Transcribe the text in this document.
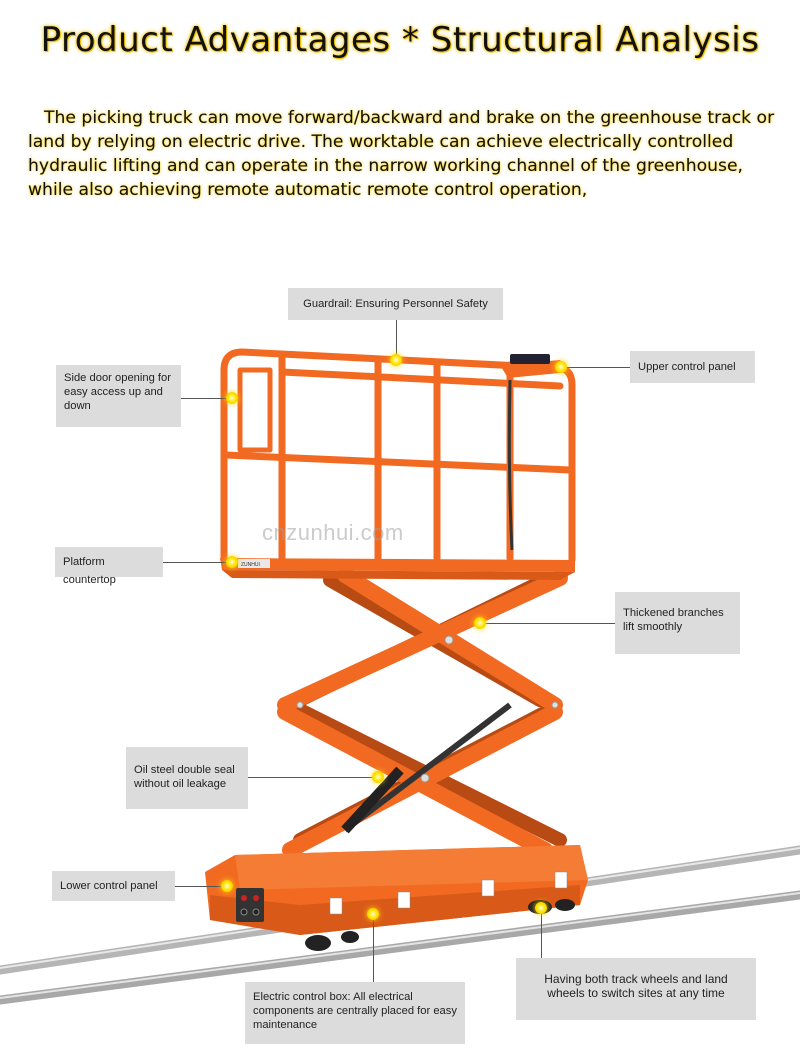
Product Advantages * Structural Analysis
The picking truck can move forward/backward and brake on the greenhouse track or land by relying on electric drive. The worktable can achieve electrically controlled hydraulic lifting and can operate in the narrow working channel of the greenhouse, while also achieving remote automatic remote control operation,
ZUNHUI
cnzunhui.com
Guardrail: Ensuring Personnel Safety
Upper control panel
Side door opening for easy access up and down
Platform countertop
Thickened branches lift smoothly
Oil steel double seal without oil leakage
Lower control panel
Electric control box: All electrical components are centrally placed for easy maintenance
Having both track wheels and land wheels to switch sites at any time
